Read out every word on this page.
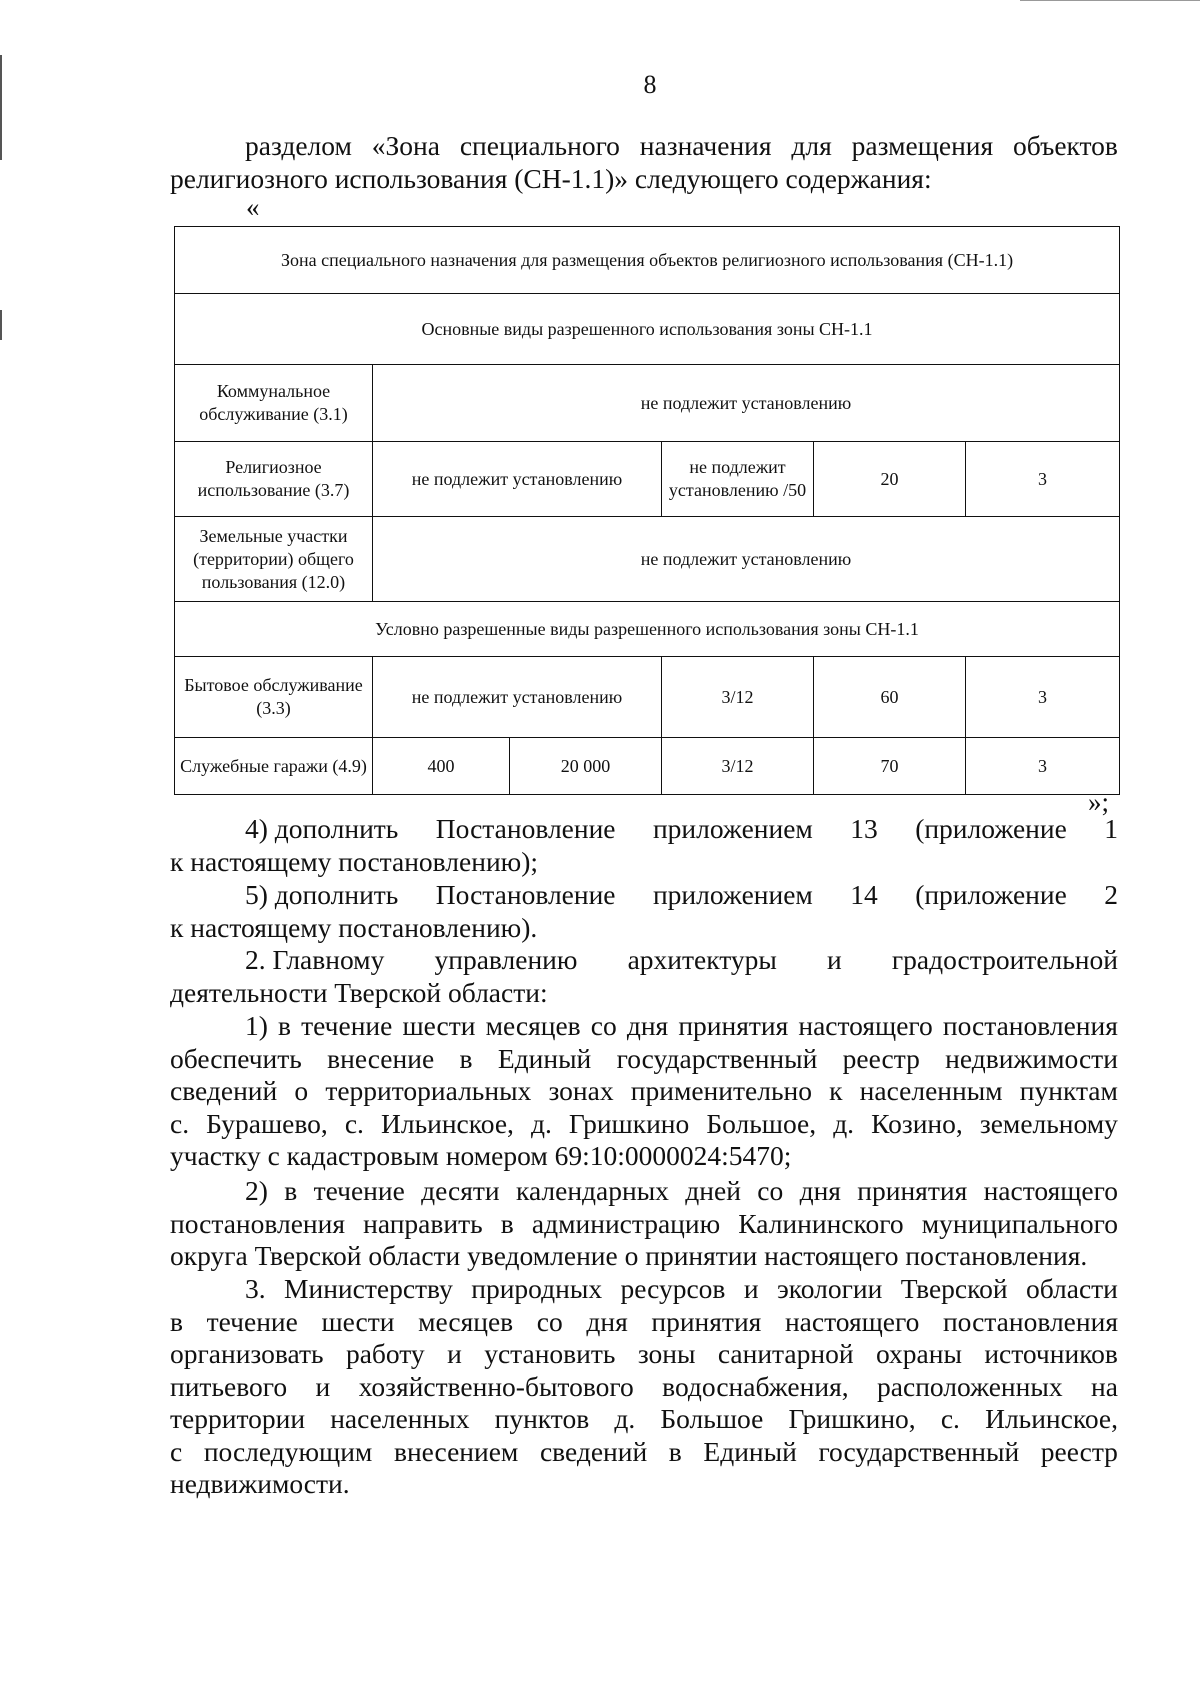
8
разделом «Зона специального назначения для размещения объектов
религиозного использования (СН-1.1)» следующего содержания:
«
Зона специального назначения для размещения объектов религиозного использования (СН-1.1)					
Основные виды разрешенного использования зоны СН-1.1					
Коммунальное обслуживание (3.1)	не подлежит установлению				
Религиозное использование (3.7)	не подлежит установлению		не подлежит установлению /50	20	3
Земельные участки (территории) общего пользования (12.0)	не подлежит установлению				
Условно разрешенные виды разрешенного использования зоны СН-1.1					
Бытовое обслуживание (3.3)	не подлежит установлению		3/12	60	3
Служебные гаражи (4.9)	400	20 000	3/12	70	3
»;
4) дополнить Постановление приложением 13 (приложение 1
к настоящему постановлению);
5) дополнить Постановление приложением 14 (приложение 2
к настоящему постановлению).
2. Главному управлению архитектуры и градостроительной
деятельности Тверской области:
1) в течение шести месяцев со дня принятия настоящего постановления
обеспечить внесение в Единый государственный реестр недвижимости
сведений о территориальных зонах применительно к населенным пунктам
с. Бурашево, с. Ильинское, д. Гришкино Большое, д. Козино, земельному
участку с кадастровым номером 69:10:0000024:5470;
2) в течение десяти календарных дней со дня принятия настоящего
постановления направить в администрацию Калининского муниципального
округа Тверской области уведомление о принятии настоящего постановления.
3. Министерству природных ресурсов и экологии Тверской области
в течение шести месяцев со дня принятия настоящего постановления
организовать работу и установить зоны санитарной охраны источников
питьевого и хозяйственно-бытового водоснабжения, расположенных на
территории населенных пунктов д. Большое Гришкино, с. Ильинское,
с последующим внесением сведений в Единый государственный реестр
недвижимости.
